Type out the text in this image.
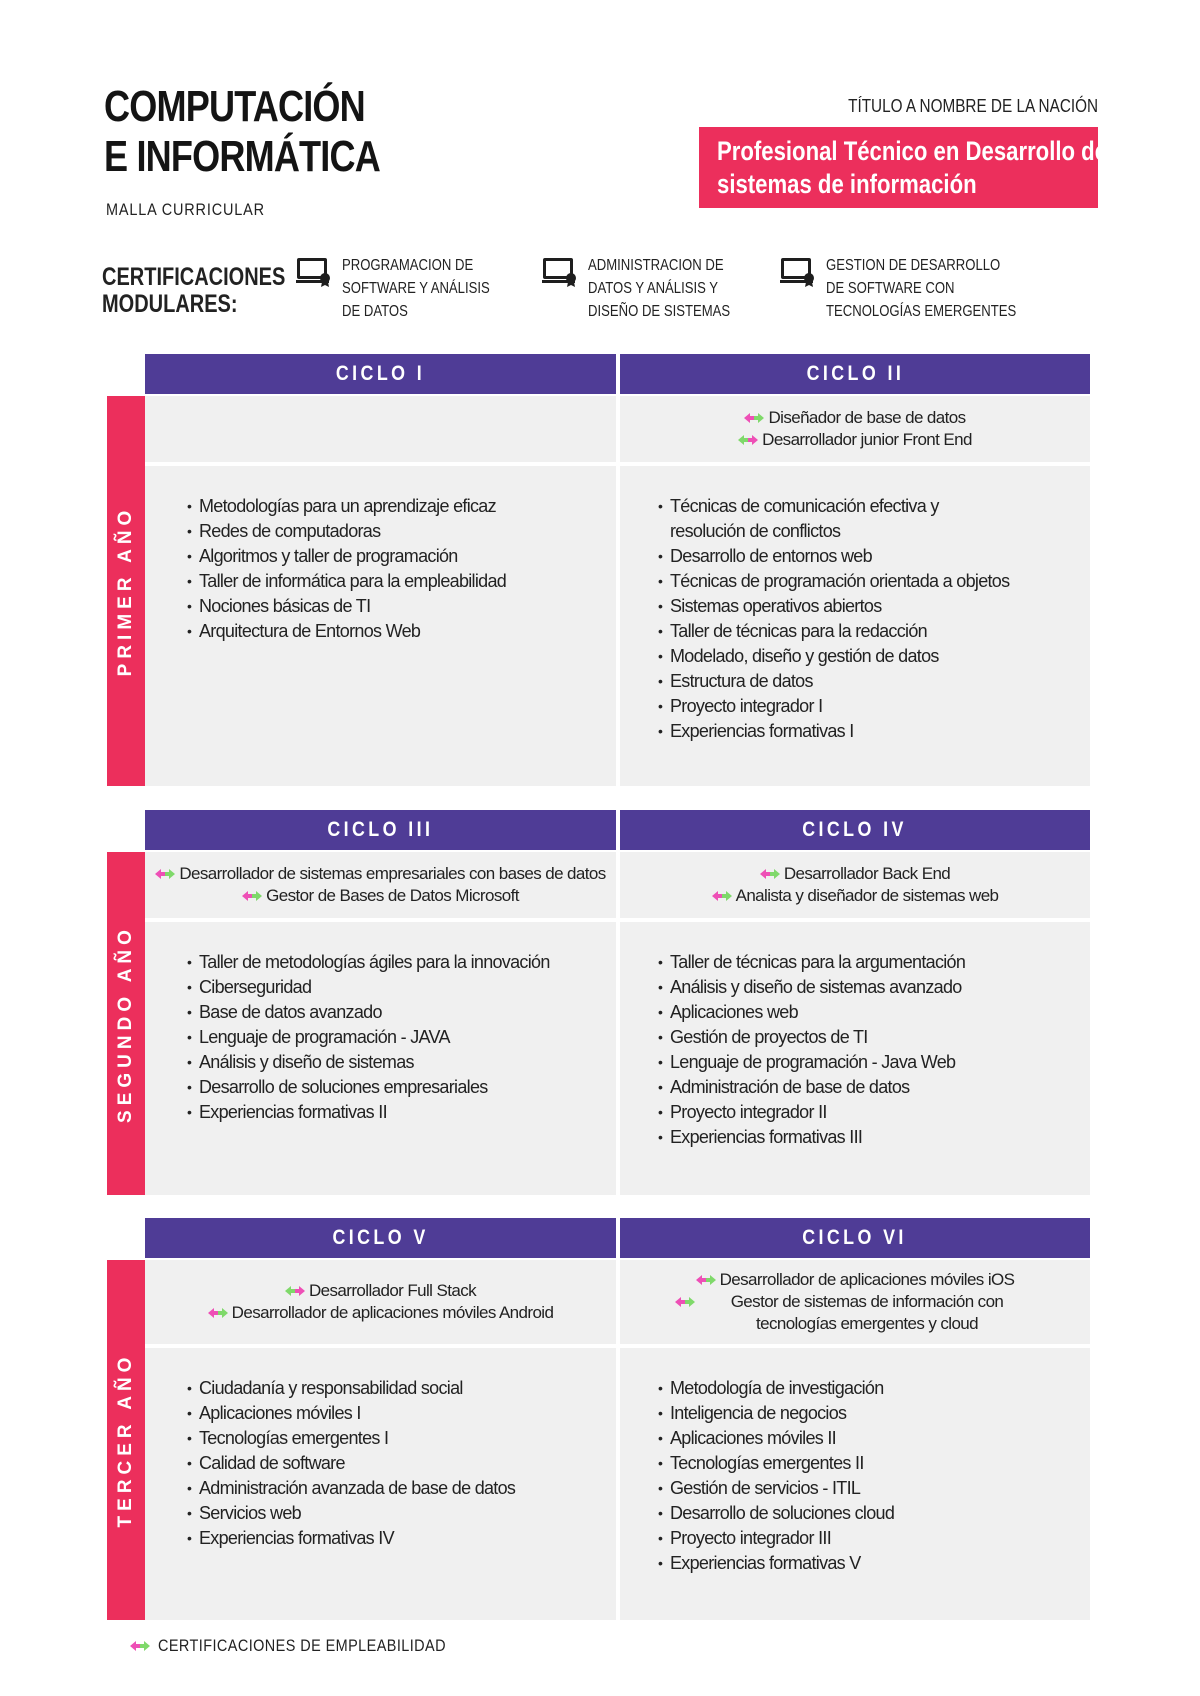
COMPUTACIÓN
E INFORMÁTICA
MALLA CURRICULAR
TÍTULO A NOMBRE DE LA NACIÓN
Profesional Técnico en Desarrollo de
sistemas de información
CERTIFICACIONES
MODULARES:
PROGRAMACION DE
SOFTWARE Y ANÁLISIS
DE DATOS
ADMINISTRACION DE
DATOS Y ANÁLISIS Y
DISEÑO DE SISTEMAS
GESTION DE DESARROLLO
DE SOFTWARE CON
TECNOLOGÍAS EMERGENTES
PRIMER AÑO
CICLO I	CICLO II
Diseñador de base de datos
Desarrollador junior Front End
• Metodologías para un aprendizaje eficaz
• Redes de computadoras
• Algoritmos y taller de programación
• Taller de informática para la empleabilidad
• Nociones básicas de TI
• Arquitectura de Entornos Web
• Técnicas de comunicación efectiva y resolución de conflictos
• Desarrollo de entornos web
• Técnicas de programación orientada a objetos
• Sistemas operativos abiertos
• Taller de técnicas para la redacción
• Modelado, diseño y gestión de datos
• Estructura de datos
• Proyecto integrador I
• Experiencias formativas I
SEGUNDO AÑO
CICLO III	CICLO IV
Desarrollador de sistemas empresariales con bases de datos
Gestor de Bases de Datos Microsoft
Desarrollador Back End
Analista y diseñador de sistemas web
• Taller de metodologías ágiles para la innovación
• Ciberseguridad
• Base de datos avanzado
• Lenguaje de programación - JAVA
• Análisis y diseño de sistemas
• Desarrollo de soluciones empresariales
• Experiencias formativas II
• Taller de técnicas para la argumentación
• Análisis y diseño de sistemas avanzado
• Aplicaciones web
• Gestión de proyectos de TI
• Lenguaje de programación - Java Web
• Administración de base de datos
• Proyecto integrador II
• Experiencias formativas III
TERCER AÑO
CICLO V	CICLO VI
Desarrollador Full Stack
Desarrollador de aplicaciones móviles Android
Desarrollador de aplicaciones móviles iOS
Gestor de sistemas de información con tecnologías emergentes y cloud
• Ciudadanía y responsabilidad social
• Aplicaciones móviles I
• Tecnologías emergentes I
• Calidad de software
• Administración avanzada de base de datos
• Servicios web
• Experiencias formativas IV
• Metodología de investigación
• Inteligencia de negocios
• Aplicaciones móviles II
• Tecnologías emergentes II
• Gestión de servicios - ITIL
• Desarrollo de soluciones cloud
• Proyecto integrador III
• Experiencias formativas V
CERTIFICACIONES DE EMPLEABILIDAD
